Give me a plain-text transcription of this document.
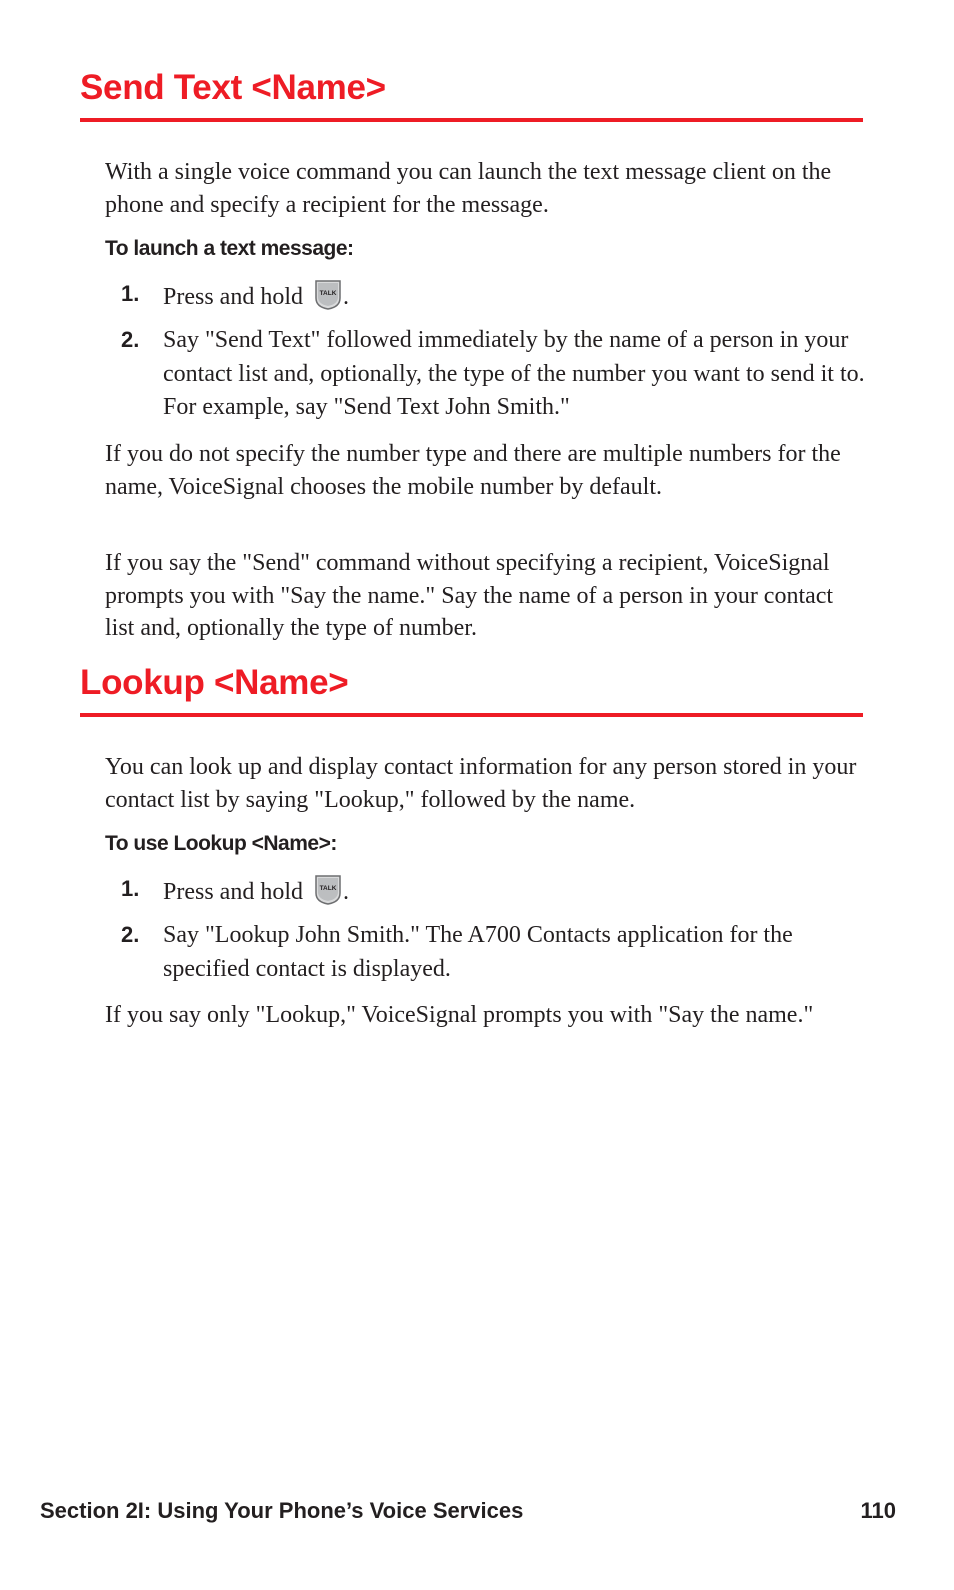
Send Text <Name>

With a single voice command you can launch the text message client on the phone and specify a recipient for the message.

To launch a text message:

1. Press and hold	TALK .
2. Say "Send Text" followed immediately by the name of a person in your contact list and, optionally, the type of the number you want to send it to. For example, say "Send Text John Smith."

If you do not specify the number type and there are multiple numbers for the name, VoiceSignal chooses the mobile number by default.

If you say the "Send" command without specifying a recipient, VoiceSignal prompts you with "Say the name." Say the name of a person in your contact list and, optionally the type of number.

Lookup <Name>

You can look up and display contact information for any person stored in your contact list by saying "Lookup," followed by the name.

To use Lookup <Name>:

1. Press and hold	TALK .
2. Say "Lookup John Smith." The A700 Contacts application for the specified contact is displayed.

If you say only "Lookup," VoiceSignal prompts you with "Say the name."

Section 2I: Using Your Phone’s Voice Services	110
